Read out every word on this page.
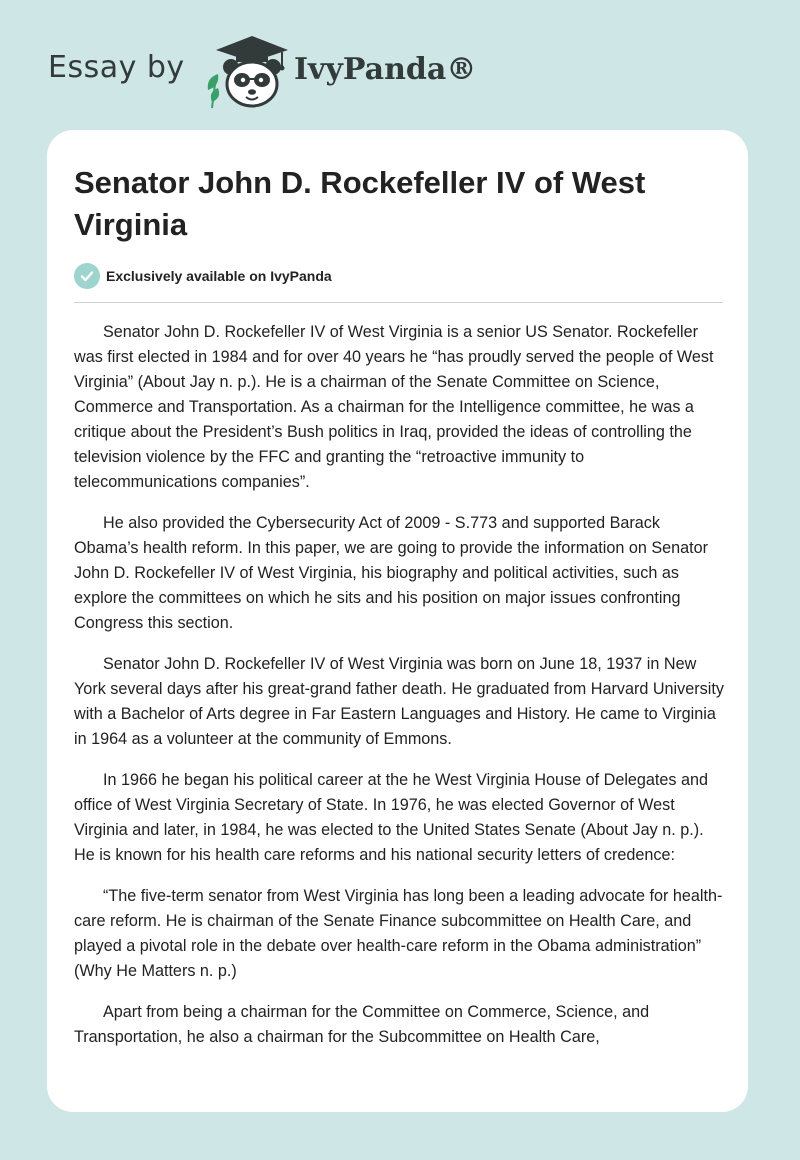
Essay by	IvyPanda®
Senator John D. Rockefeller IV of West Virginia
Exclusively available on IvyPanda

Senator John D. Rockefeller IV of West Virginia is a senior US Senator. Rockefeller was first elected in 1984 and for over 40 years he “has proudly served the people of West Virginia” (About Jay n. p.). He is a chairman of the Senate Committee on Science, Commerce and Transportation. As a chairman for the Intelligence committee, he was a critique about the President’s Bush politics in Iraq, provided the ideas of controlling the television violence by the FFC and granting the “retroactive immunity to telecommunications companies”.

He also provided the Cybersecurity Act of 2009 - S.773 and supported Barack Obama’s health reform. In this paper, we are going to provide the information on Senator John D. Rockefeller IV of West Virginia, his biography and political activities, such as explore the committees on which he sits and his position on major issues confronting Congress this section.

Senator John D. Rockefeller IV of West Virginia was born on June 18, 1937 in New York several days after his great-grand father death. He graduated from Harvard University with a Bachelor of Arts degree in Far Eastern Languages and History. He came to Virginia in 1964 as a volunteer at the community of Emmons.

In 1966 he began his political career at the he West Virginia House of Delegates and office of West Virginia Secretary of State. In 1976, he was elected Governor of West Virginia and later, in 1984, he was elected to the United States Senate (About Jay n. p.). He is known for his health care reforms and his national security letters of credence:

“The five-term senator from West Virginia has long been a leading advocate for health-care reform. He is chairman of the Senate Finance subcommittee on Health Care, and played a pivotal role in the debate over health-care reform in the Obama administration” (Why He Matters n. p.)

Apart from being a chairman for the Committee on Commerce, Science, and Transportation, he also a chairman for the Subcommittee on Health Care,
